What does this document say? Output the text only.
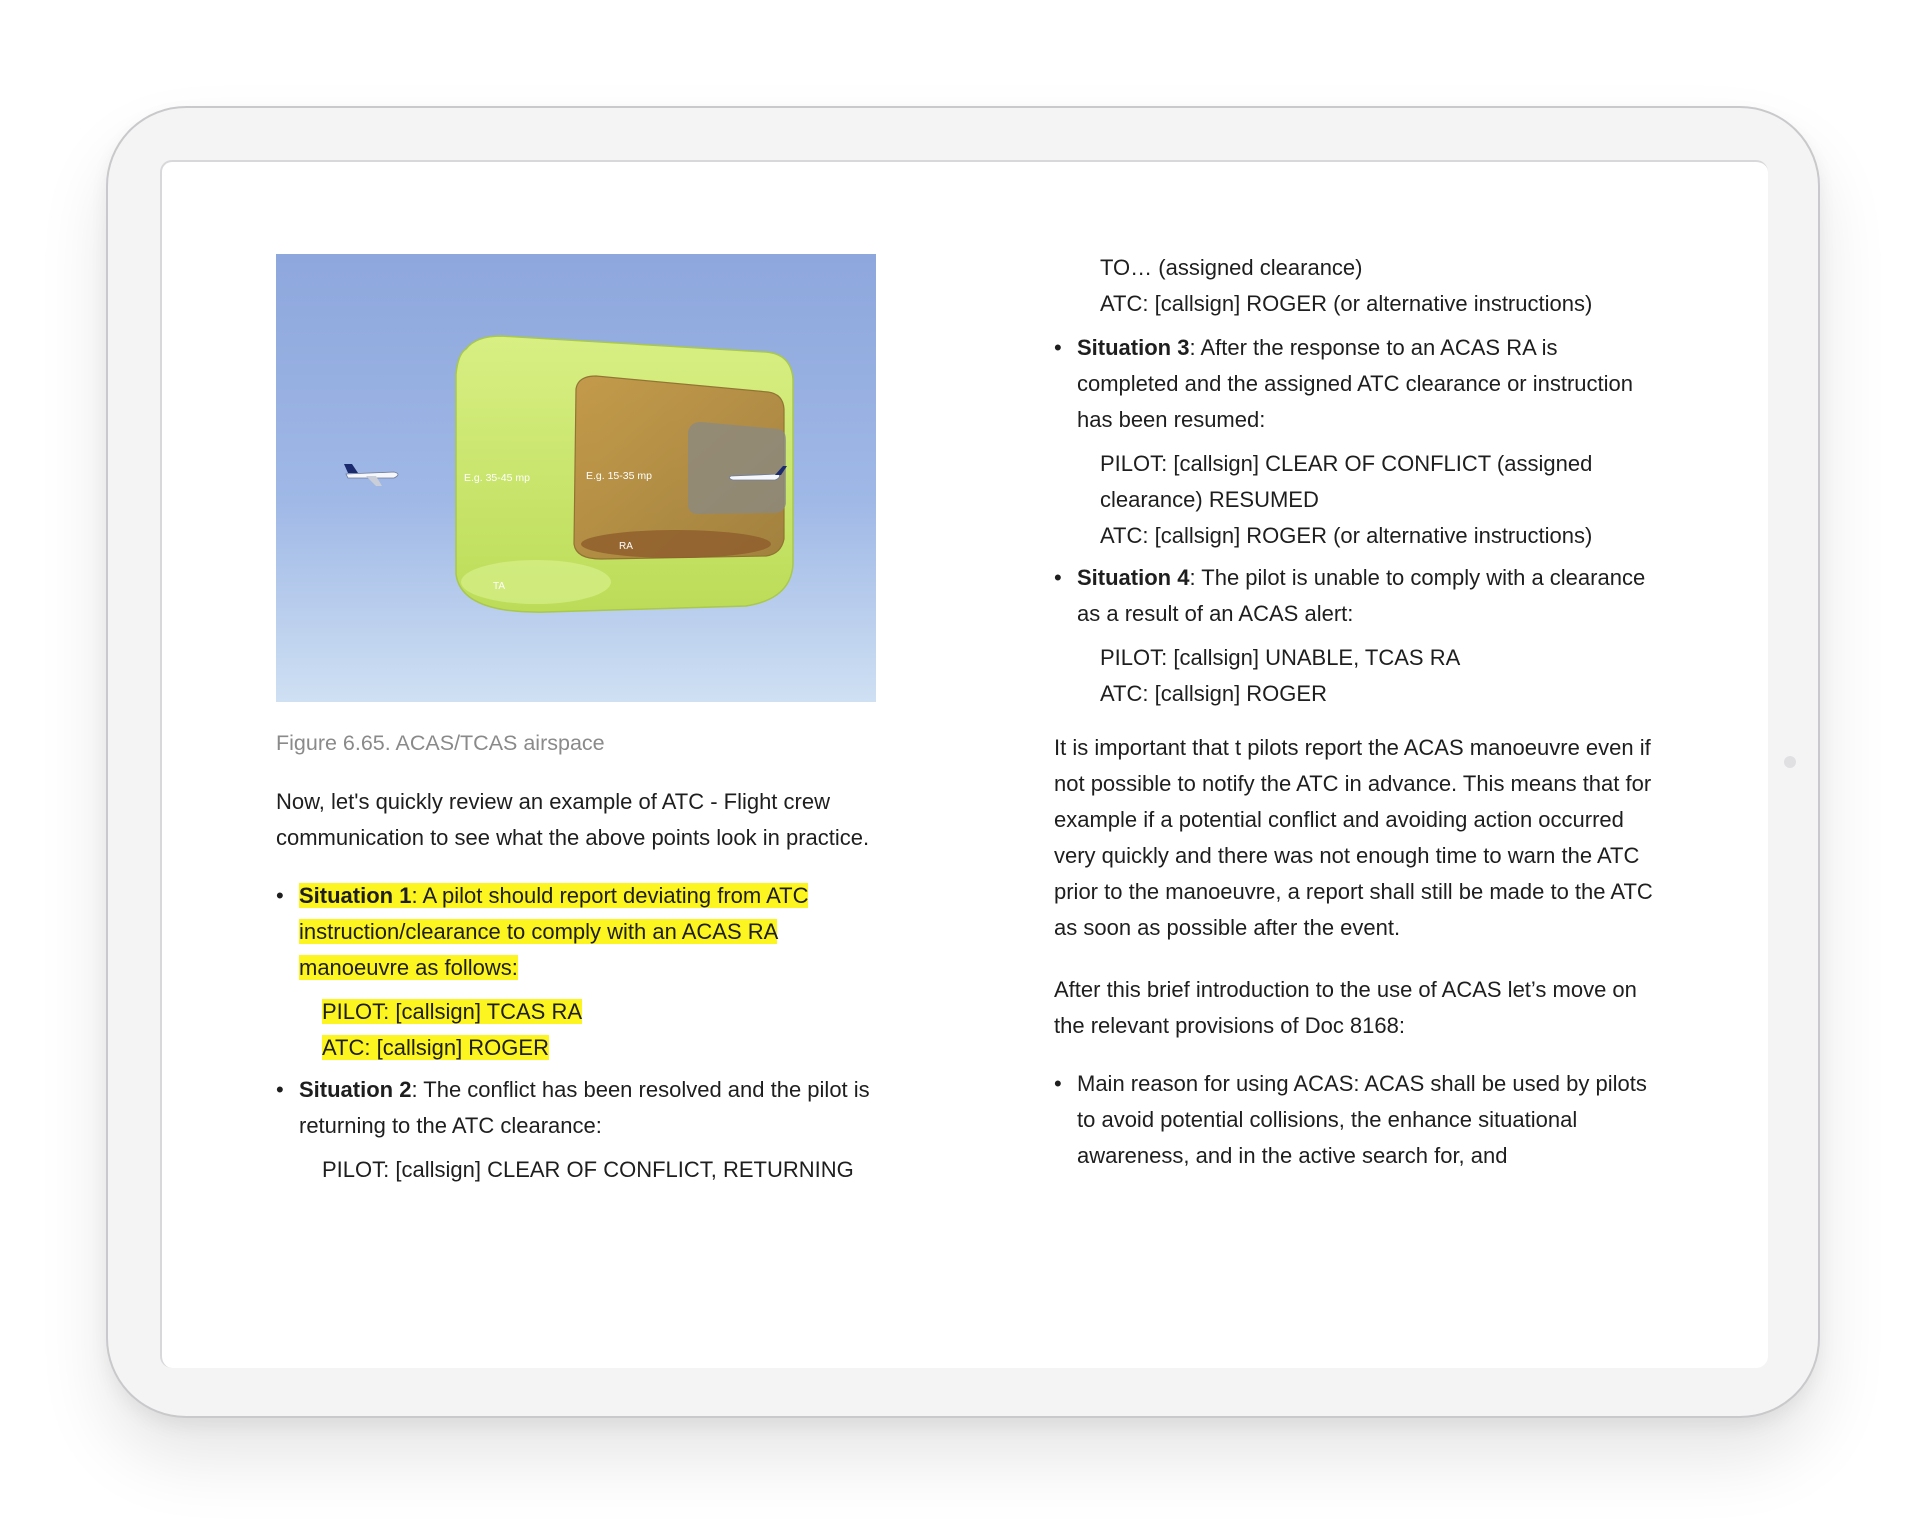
E.g. 35-45 mp	E.g. 15-35 mp
RA
TA
Figure 6.65. ACAS/TCAS airspace

Now, let's quickly review an example of ATC - Flight crew communication to see what the above points look in practice.

• Situation 1: A pilot should report deviating from ATC instruction/clearance to comply with an ACAS RA manoeuvre as follows:
PILOT: [callsign] TCAS RA
ATC: [callsign] ROGER
• Situation 2: The conflict has been resolved and the pilot is returning to the ATC clearance:
PILOT: [callsign] CLEAR OF CONFLICT, RETURNING
TO… (assigned clearance)
ATC: [callsign] ROGER (or alternative instructions)
• Situation 3: After the response to an ACAS RA is completed and the assigned ATC clearance or instruction has been resumed:
PILOT: [callsign] CLEAR OF CONFLICT (assigned clearance) RESUMED
ATC: [callsign] ROGER (or alternative instructions)
• Situation 4: The pilot is unable to comply with a clearance as a result of an ACAS alert:
PILOT: [callsign] UNABLE, TCAS RA
ATC: [callsign] ROGER

It is important that t pilots report the ACAS manoeuvre even if not possible to notify the ATC in advance. This means that for example if a potential conflict and avoiding action occurred very quickly and there was not enough time to warn the ATC prior to the manoeuvre, a report shall still be made to the ATC as soon as possible after the event.

After this brief introduction to the use of ACAS let’s move on the relevant provisions of Doc 8168:

• Main reason for using ACAS: ACAS shall be used by pilots to avoid potential collisions, the enhance situational awareness, and in the active search for, and
